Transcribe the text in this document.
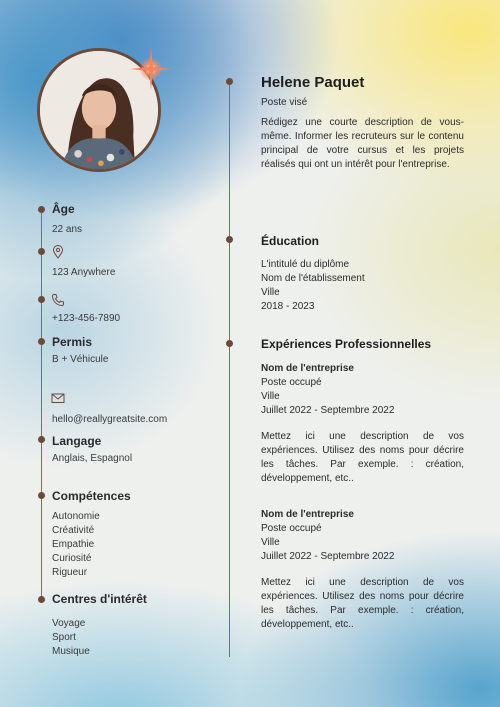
Âge
22 ans
123 Anywhere
+123-456-7890
Permis
B + Véhicule
hello@reallygreatsite.com
Langage
Anglais, Espagnol
Compétences
Autonomie
Créativité
Empathie
Curiosité
Rigueur
Centres d'intérêt
Voyage
Sport
Musique
Helene Paquet
Poste visé
Rédigez une courte description de vous-même. Informer les recruteurs sur le contenu principal de votre cursus et les projets réalisés qui ont un intérêt pour l'entreprise.
Éducation
L'intitulé du diplôme
Nom de l'établissement
Ville
2018 - 2023
Expériences Professionnelles
Nom de l'entreprise
Poste occupé
Ville
Juillet 2022 - Septembre 2022
Mettez ici une description de vos expériences. Utilisez des noms pour décrire les tâches. Par exemple. : création, développement, etc..
Nom de l'entreprise
Poste occupé
Ville
Juillet 2022 - Septembre 2022
Mettez ici une description de vos expériences. Utilisez des noms pour décrire les tâches. Par exemple. : création, développement, etc..
